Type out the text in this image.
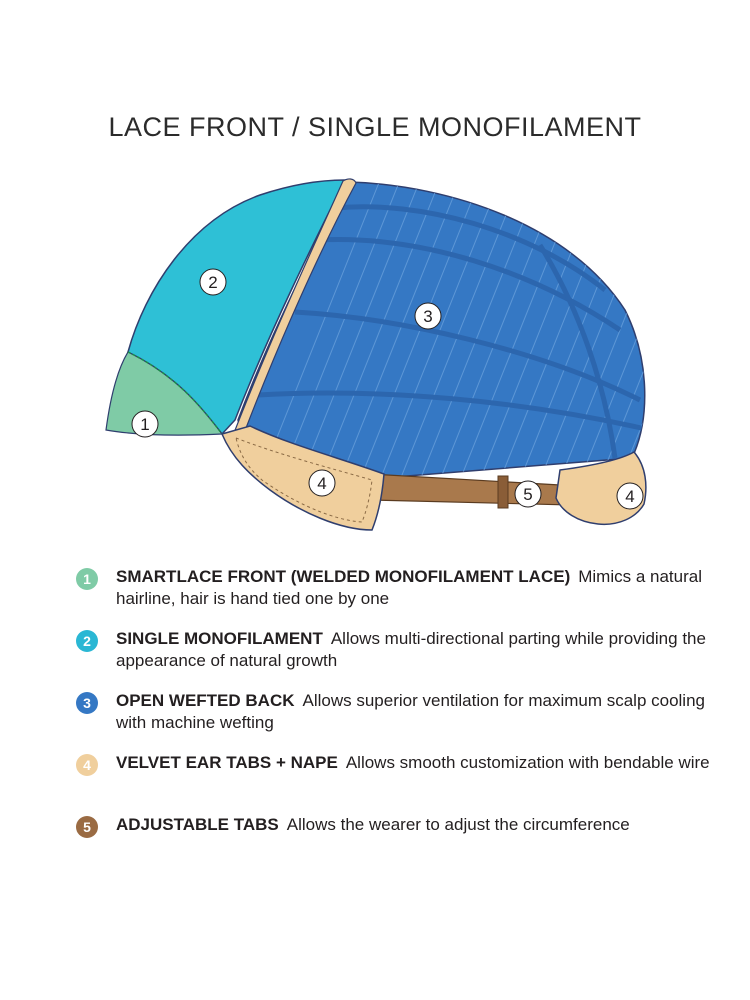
LACE FRONT / SINGLE MONOFILAMENT
1
2
3
4
5	4
1	SMARTLACE FRONT (WELDED MONOFILAMENT LACE) Mimics a natural hairline, hair is hand tied one by one
2	SINGLE MONOFILAMENT Allows multi-directional parting while providing the appearance of natural growth
3	OPEN WEFTED BACK Allows superior ventilation for maximum scalp cooling with machine wefting
4	VELVET EAR TABS + NAPE Allows smooth customization with bendable wire
5	ADJUSTABLE TABS Allows the wearer to adjust the circumference
